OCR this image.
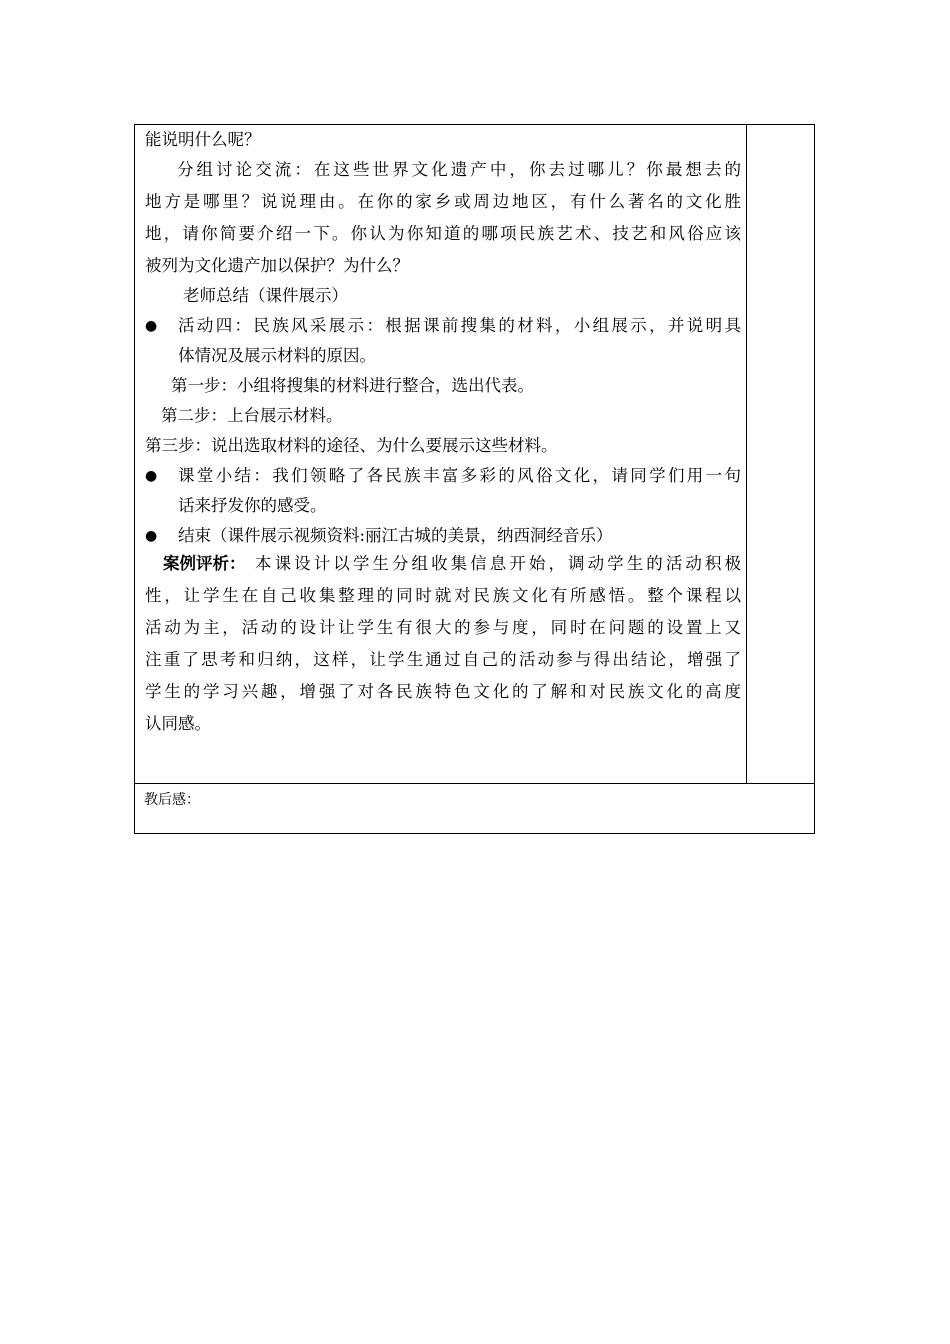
能说明什么呢？
分组讨论交流：在这些世界文化遗产中，你去过哪儿？你最想去的
地方是哪里？说说理由。在你的家乡或周边地区，有什么著名的文化胜
地，请你简要介绍一下。你认为你知道的哪项民族艺术、技艺和风俗应该
被列为文化遗产加以保护？为什么？
老师总结（课件展示）
● 活动四：民族风采展示：根据课前搜集的材料，小组展示，并说明具
体情况及展示材料的原因。
第一步：小组将搜集的材料进行整合，选出代表。
第二步：上台展示材料。
第三步：说出选取材料的途径、为什么要展示这些材料。
● 课堂小结：我们领略了各民族丰富多彩的风俗文化，请同学们用一句
话来抒发你的感受。
● 结束（课件展示视频资料:丽江古城的美景，纳西洞经音乐）
案例评析： 本课设计以学生分组收集信息开始，调动学生的活动积极
性，让学生在自己收集整理的同时就对民族文化有所感悟。整个课程以
活动为主，活动的设计让学生有很大的参与度，同时在问题的设置上又
注重了思考和归纳，这样，让学生通过自己的活动参与得出结论，增强了
学生的学习兴趣，增强了对各民族特色文化的了解和对民族文化的高度
认同感。
教后感：
